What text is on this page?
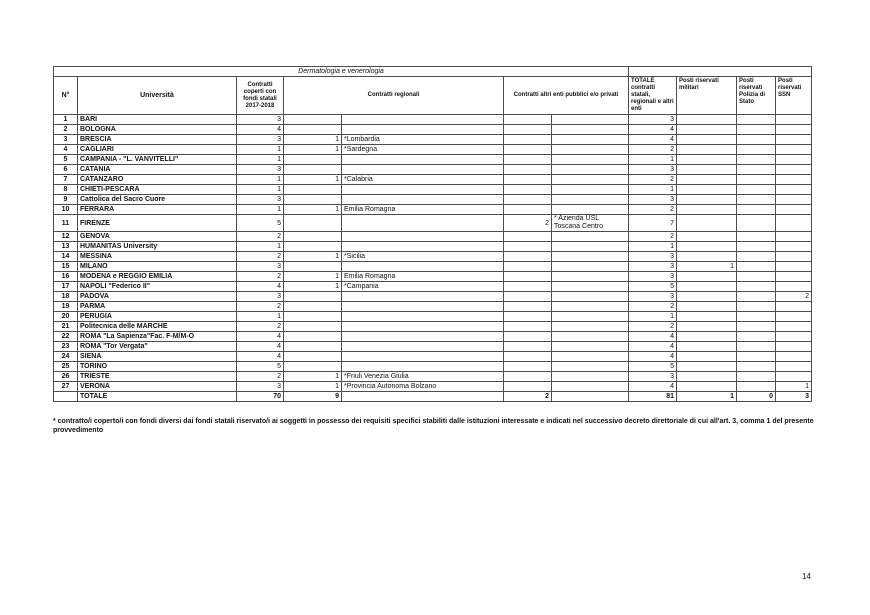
Dermatologia e venerologia										
N°	Università	Contratti coperti con fondi statali 2017-2018	Contratti regionali		Contratti altri enti pubblici e/o privati		TOTALE contratti statali, regionali e altri enti	Posti riservati militari	Posti riservati Polizia di Stato	Posti riservati SSN
1	BARI	3					3			
2	BOLOGNA	4					4			
3	BRESCIA	3	1	*Lombardia			4			
4	CAGLIARI	1	1	*Sardegna			2			
5	CAMPANIA - "L. VANVITELLI"	1					1			
6	CATANIA	3					3			
7	CATANZARO	1	1	*Calabria			2			
8	CHIETI-PESCARA	1					1			
9	Cattolica del Sacro Cuore	3					3			
10	FERRARA	1	1	Emilia Romagna			2			
11	FIRENZE	5			2	* Azienda USL Toscana Centro	7			
12	GENOVA	2					2			
13	HUMANITAS University	1					1			
14	MESSINA	2	1	*Sicilia			3			
15	MILANO	3					3	1		
16	MODENA e REGGIO EMILIA	2	1	Emilia Romagna			3			
17	NAPOLI "Federico II"	4	1	*Campania			5			
18	PADOVA	3					3			2
19	PARMA	2					2			
20	PERUGIA	1					1			
21	Politecnica delle MARCHE	2					2			
22	ROMA "La Sapienza"Fac. F-M/M-O	4					4			
23	ROMA "Tor Vergata"	4					4			
24	SIENA	4					4			
25	TORINO	5					5			
26	TRIESTE	2	1	*Friuli Venezia Giulia			3			
27	VERONA	3	1	*Provincia Autonoma Bolzano			4			1
	TOTALE	70	9		2		81	1	0	3
* contratto/i coperto/i con fondi diversi dai fondi statali riservato/i ai soggetti in possesso dei requisiti specifici stabiliti dalle istituzioni interessate e indicati nel successivo decreto direttoriale di cui all'art. 3, comma 1 del presente provvedimento
14
